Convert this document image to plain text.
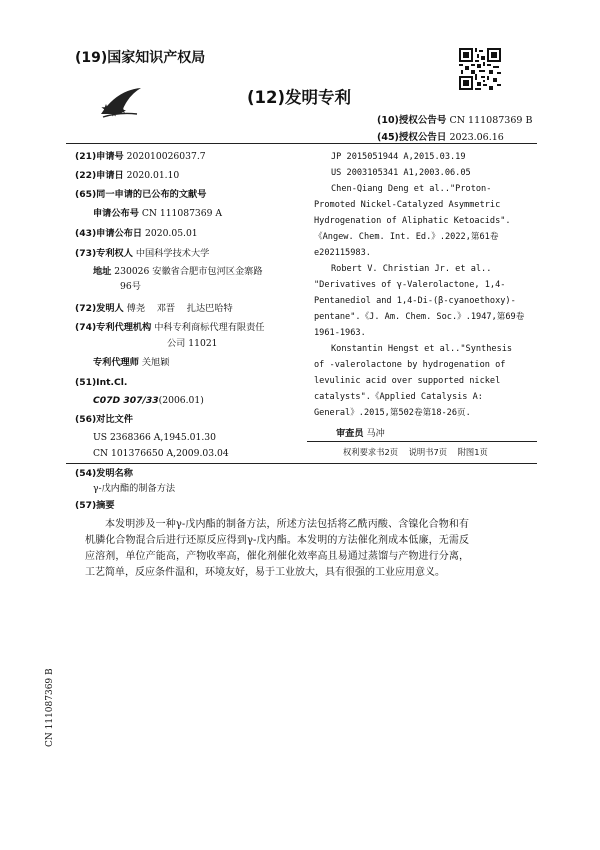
(19)国家知识产权局
(12)发明专利
(10)授权公告号 CN 111087369 B
(45)授权公告日 2023.06.16
(21)申请号 202010026037.7
(22)申请日 2020.01.10
(65)同一申请的已公布的文献号
申请公布号 CN 111087369 A
(43)申请公布日 2020.05.01
(73)专利权人 中国科学技术大学
地址 230026 安徽省合肥市包河区金寨路
96号
(72)发明人 傅尧    邓晋    扎达巴哈特
(74)专利代理机构 中科专利商标代理有限责任
公司 11021
专利代理师 关旭颖
(51)Int.Cl.
C07D 307/33(2006.01)
(56)对比文件
US 2368366 A,1945.01.30
CN 101376650 A,2009.03.04
JP 2015051944 A,2015.03.19
US 2003105341 A1,2003.06.05
Chen-Qiang Deng et al.."Proton-
Promoted Nickel-Catalyzed Asymmetric
Hydrogenation of Aliphatic Ketoacids".
《Angew. Chem. Int. Ed.》.2022,第61卷
e202115983.
Robert V. Christian Jr. et al..
"Derivatives of γ-Valerolactone, 1,4-
Pentanediol and 1,4-Di-(β-cyanoethoxy)-
pentane".《J. Am. Chem. Soc.》.1947,第69卷
1961-1963.
Konstantin Hengst et al.."Synthesis
of -valerolactone by hydrogenation of
levulinic acid over supported nickel
catalysts".《Applied Catalysis A:
General》.2015,第502卷第18-26页.
审查员 马冲
权利要求书2页    说明书7页    附图1页
(54)发明名称
γ-戊内酯的制备方法
(57)摘要
本发明涉及一种γ-戊内酯的制备方法，所述方法包括将乙酰丙酸、含镍化合物和有机膦化合物混合后进行还原反应得到γ-戊内酯。本发明的方法催化剂成本低廉，无需反应溶剂，单位产能高，产物收率高，催化剂催化效率高且易通过蒸馏与产物进行分离，工艺简单，反应条件温和，环境友好，易于工业放大，具有很强的工业应用意义。
CN 111087369 B
